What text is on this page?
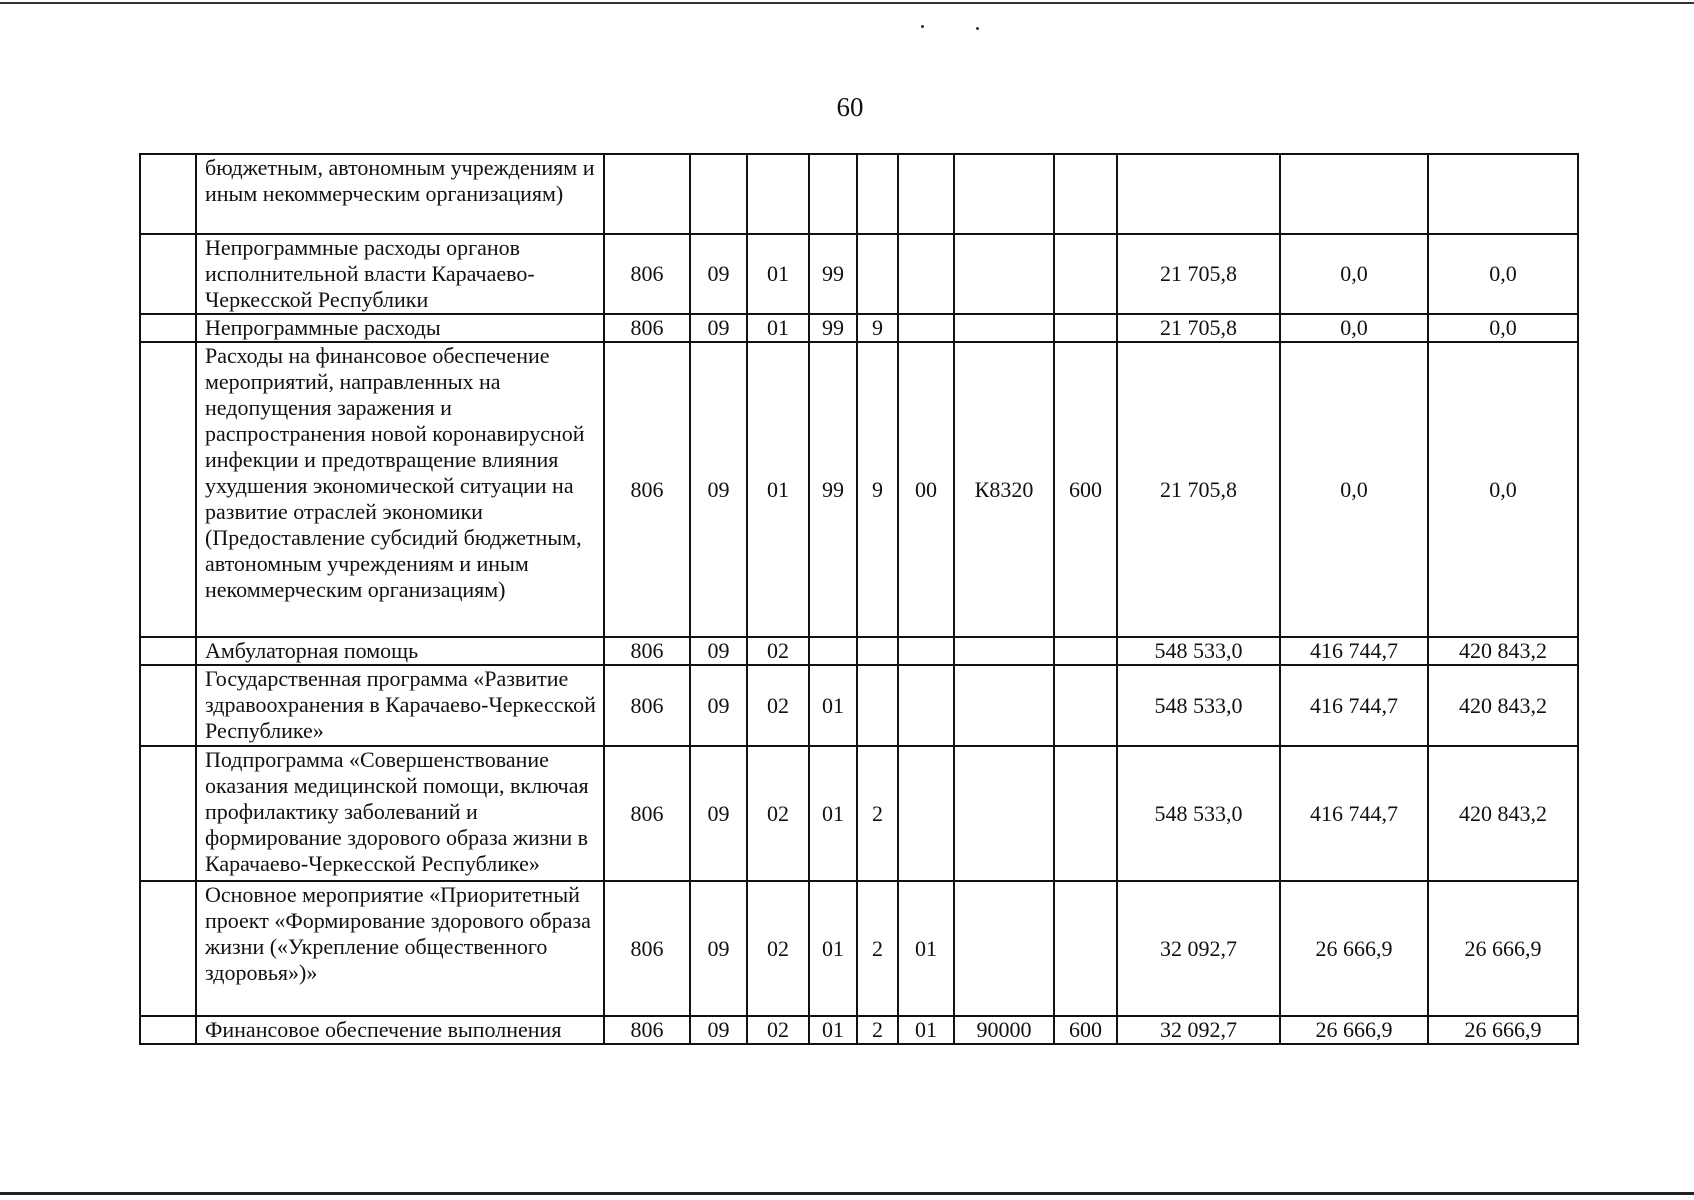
60
	бюджетным, автономным учреждениям и иным некоммерческим организациям)											
	Непрограммные расходы органов исполнительной власти Карачаево-Черкесской Республики	806	09	01	99					21 705,8	0,0	0,0
	Непрограммные расходы	806	09	01	99	9				21 705,8	0,0	0,0
	Расходы на финансовое обеспечение мероприятий, направленных на недопущения заражения и распространения новой коронавирусной инфекции и предотвращение влияния ухудшения экономической ситуации на развитие отраслей экономики (Предоставление субсидий бюджетным, автономным учреждениям и иным некоммерческим организациям)	806	09	01	99	9	00	К8320	600	21 705,8	0,0	0,0
	Амбулаторная помощь	806	09	02						548 533,0	416 744,7	420 843,2
	Государственная программа «Развитие здравоохранения в Карачаево-Черкесской Республике»	806	09	02	01					548 533,0	416 744,7	420 843,2
	Подпрограмма «Совершенствование оказания медицинской помощи, включая профилактику заболеваний и формирование здорового образа жизни в Карачаево-Черкесской Республике»	806	09	02	01	2				548 533,0	416 744,7	420 843,2
	Основное мероприятие «Приоритетный проект «Формирование здорового образа жизни («Укрепление общественного здоровья»)»	806	09	02	01	2	01			32 092,7	26 666,9	26 666,9
	Финансовое обеспечение выполнения	806	09	02	01	2	01	90000	600	32 092,7	26 666,9	26 666,9
